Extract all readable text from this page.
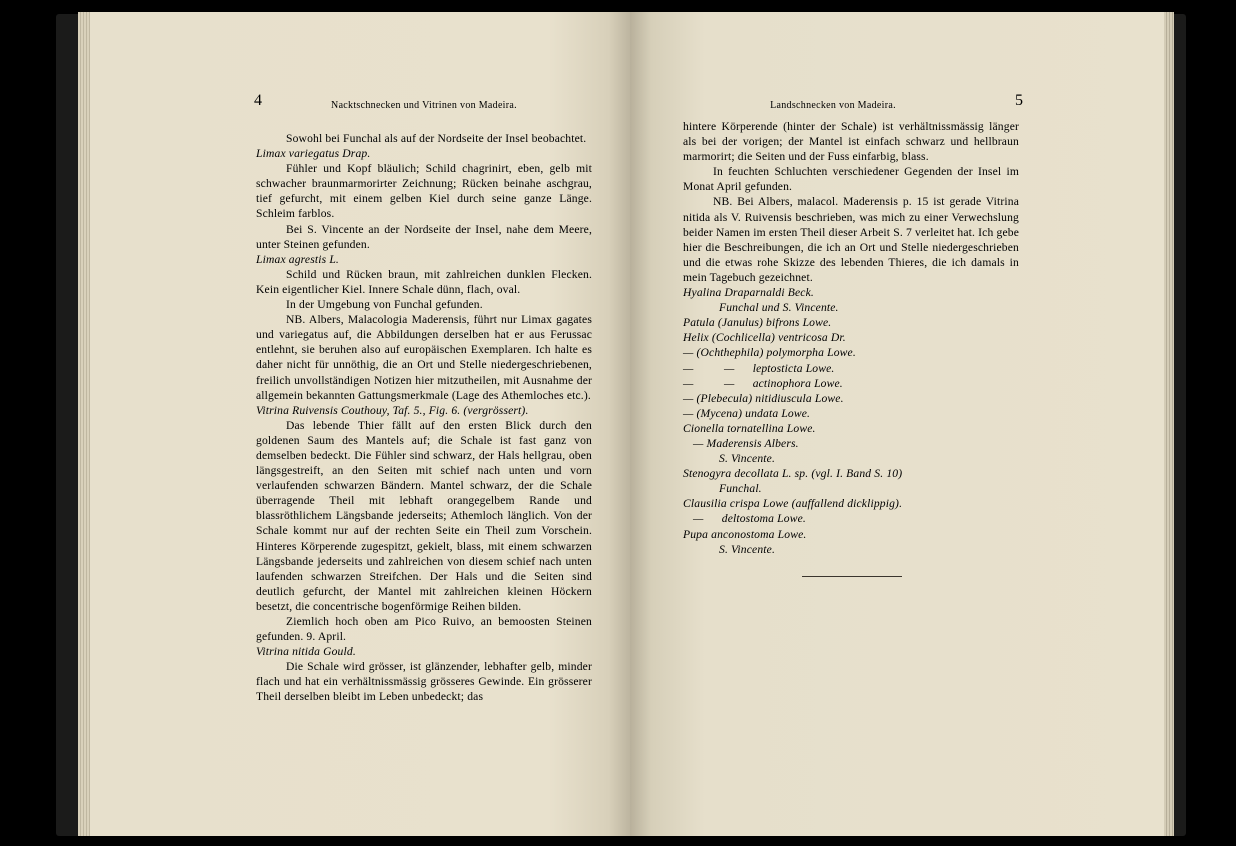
4	Nacktschnecken und Vitrinen von Madeira.	Landschnecken von Madeira.	5

Sowohl bei Funchal als auf der Nordseite der Insel beobachtet.

Limax variegatus Drap.

Fühler und Kopf bläulich; Schild chagrinirt, eben, gelb mit schwacher braunmarmorirter Zeichnung; Rücken beinahe aschgrau, tief gefurcht, mit einem gelben Kiel durch seine ganze Länge. Schleim farblos.

Bei S. Vincente an der Nordseite der Insel, nahe dem Meere, unter Steinen gefunden.

Limax agrestis L.

Schild und Rücken braun, mit zahlreichen dunklen Flecken. Kein eigentlicher Kiel. Innere Schale dünn, flach, oval.

In der Umgebung von Funchal gefunden.

NB. Albers, Malacologia Maderensis, führt nur Limax gagates und variegatus auf, die Abbildungen derselben hat er aus Ferussac entlehnt, sie beruhen also auf europäischen Exemplaren. Ich halte es daher nicht für unnöthig, die an Ort und Stelle niedergeschriebenen, freilich unvollständigen Notizen hier mitzutheilen, mit Ausnahme der allgemein bekannten Gattungsmerkmale (Lage des Athemloches etc.).

Vitrina Ruivensis Couthouy, Taf. 5., Fig. 6. (vergrössert).

Das lebende Thier fällt auf den ersten Blick durch den goldenen Saum des Mantels auf; die Schale ist fast ganz von demselben bedeckt. Die Fühler sind schwarz, der Hals hellgrau, oben längsgestreift, an den Seiten mit schief nach unten und vorn verlaufenden schwarzen Bändern. Mantel schwarz, der die Schale überragende Theil mit lebhaft orangegelbem Rande und blassröthlichem Längsbande jederseits; Athemloch länglich. Von der Schale kommt nur auf der rechten Seite ein Theil zum Vorschein. Hinteres Körperende zugespitzt, gekielt, blass, mit einem schwarzen Längsbande jederseits und zahlreichen von diesem schief nach unten laufenden schwarzen Streifchen. Der Hals und die Seiten sind deutlich gefurcht, der Mantel mit zahlreichen kleinen Höckern besetzt, die concentrische bogenförmige Reihen bilden.

Ziemlich hoch oben am Pico Ruivo, an bemoosten Steinen gefunden. 9. April.

Vitrina nitida Gould.

Die Schale wird grösser, ist glänzender, lebhafter gelb, minder flach und hat ein verhältnissmässig grösseres Gewinde. Ein grösserer Theil derselben bleibt im Leben unbedeckt; das

hintere Körperende (hinter der Schale) ist verhältnissmässig länger als bei der vorigen; der Mantel ist einfach schwarz und hellbraun marmorirt; die Seiten und der Fuss einfarbig, blass.

In feuchten Schluchten verschiedener Gegenden der Insel im Monat April gefunden.

NB. Bei Albers, malacol. Maderensis p. 15 ist gerade Vitrina nitida als V. Ruivensis beschrieben, was mich zu einer Verwechslung beider Namen im ersten Theil dieser Arbeit S. 7 verleitet hat. Ich gebe hier die Beschreibungen, die ich an Ort und Stelle niedergeschrieben und die etwas rohe Skizze des lebenden Thieres, die ich damals in mein Tagebuch gezeichnet.

Hyalina Draparnaldi Beck.

Funchal und S. Vincente.

Patula (Janulus) bifrons Lowe.

Helix (Cochlicella) ventricosa Dr.

— (Ochthephila) polymorpha Lowe.

—          —      leptosticta Lowe.

—          —      actinophora Lowe.

— (Plebecula) nitidiuscula Lowe.

— (Mycena) undata Lowe.

Cionella tornatellina Lowe.

— Maderensis Albers.

S. Vincente.

Stenogyra decollata L. sp. (vgl. I. Band S. 10)

Funchal.

Clausilia crispa Lowe (auffallend dicklippig).

—      deltostoma Lowe.

Pupa anconostoma Lowe.

S. Vincente.
